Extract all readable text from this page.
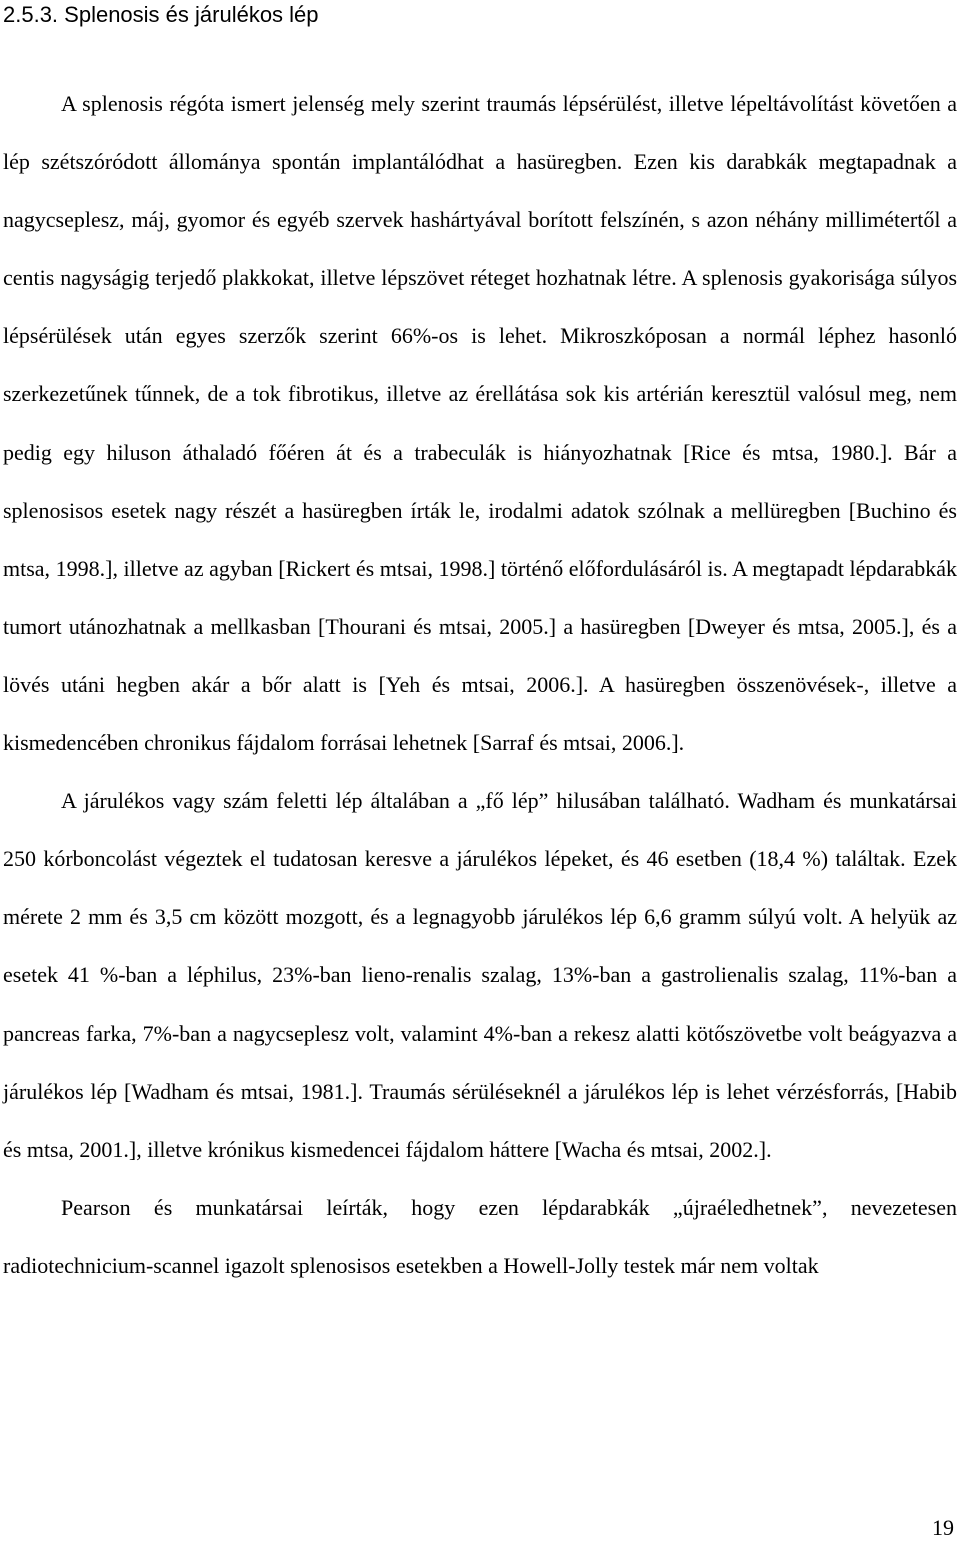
2.5.3. Splenosis és járulékos lép

A splenosis régóta ismert jelenség mely szerint traumás lépsérülést, illetve lépeltávolítást követően a lép szétszóródott állománya spontán implantálódhat a hasüregben. Ezen kis darabkák megtapadnak a nagycseplesz, máj, gyomor és egyéb szervek hashártyával borított felszínén, s azon néhány millimétertől a centis nagyságig terjedő plakkokat, illetve lépszövet réteget hozhatnak létre. A splenosis gyakorisága súlyos lépsérülések után egyes szerzők szerint 66%-os is lehet. Mikroszkóposan a normál léphez hasonló szerkezetűnek tűnnek, de a tok fibrotikus, illetve az érellátása sok kis artérián keresztül valósul meg, nem pedig egy hiluson áthaladó főéren át és a trabeculák is hiányozhatnak [Rice és mtsa, 1980.]. Bár a splenosisos esetek nagy részét a hasüregben írták le, irodalmi adatok szólnak a mellüregben [Buchino és mtsa, 1998.], illetve az agyban [Rickert és mtsai, 1998.] történő előfordulásáról is. A megtapadt lépdarabkák tumort utánozhatnak a mellkasban [Thourani és mtsai, 2005.] a hasüregben [Dweyer és mtsa, 2005.], és a lövés utáni hegben akár a bőr alatt is [Yeh és mtsai, 2006.]. A hasüregben összenövések-, illetve a kismedencében chronikus fájdalom forrásai lehetnek [Sarraf és mtsai, 2006.].

A járulékos vagy szám feletti lép általában a „fő lép” hilusában található. Wadham és munkatársai 250 kórboncolást végeztek el tudatosan keresve a járulékos lépeket, és 46 esetben (18,4 %) találtak. Ezek mérete 2 mm és 3,5 cm között mozgott, és a legnagyobb járulékos lép 6,6 gramm súlyú volt. A helyük az esetek 41 %-ban a léphilus, 23%-ban lieno-renalis szalag, 13%-ban a gastrolienalis szalag, 11%-ban a pancreas farka, 7%-ban a nagycseplesz volt, valamint 4%-ban a rekesz alatti kötőszövetbe volt beágyazva a járulékos lép [Wadham és mtsai, 1981.]. Traumás sérüléseknél a járulékos lép is lehet vérzésforrás, [Habib és mtsa, 2001.], illetve krónikus kismedencei fájdalom háttere [Wacha és mtsai, 2002.].

Pearson és munkatársai leírták, hogy ezen lépdarabkák „újraéledhetnek”, nevezetesen radiotechnicium-scannel igazolt splenosisos esetekben a Howell-Jolly testek már nem voltak

19
